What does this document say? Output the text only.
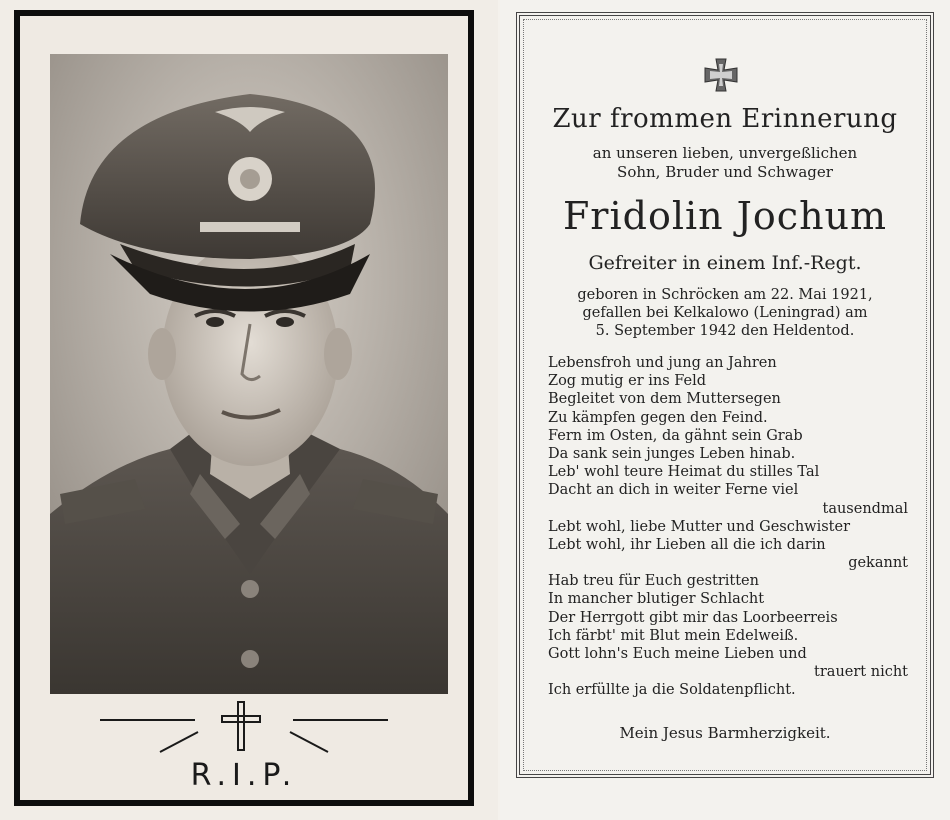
R.I.P.
Zur frommen Erinnerung
an unseren lieben, unvergeßlichen
Sohn, Bruder und Schwager
Fridolin Jochum
Gefreiter in einem Inf.-Regt.
geboren in Schröcken am 22. Mai 1921,
gefallen bei Kelkalowo (Leningrad) am
5. September 1942 den Heldentod.
Lebensfroh und jung an Jahren
Zog mutig er ins Feld
Begleitet von dem Muttersegen
Zu kämpfen gegen den Feind.
Fern im Osten, da gähnt sein Grab
Da sank sein junges Leben hinab.
Leb' wohl teure Heimat du stilles Tal
Dacht an dich in weiter Ferne viel
tausendmal
Lebt wohl, liebe Mutter und Geschwister
Lebt wohl, ihr Lieben all die ich darin
gekannt
Hab treu für Euch gestritten
In mancher blutiger Schlacht
Der Herrgott gibt mir das Loorbeerreis
Ich färbt' mit Blut mein Edelweiß.
Gott lohn's Euch meine Lieben und
trauert nicht
Ich erfüllte ja die Soldatenpflicht.
Mein Jesus Barmherzigkeit.
